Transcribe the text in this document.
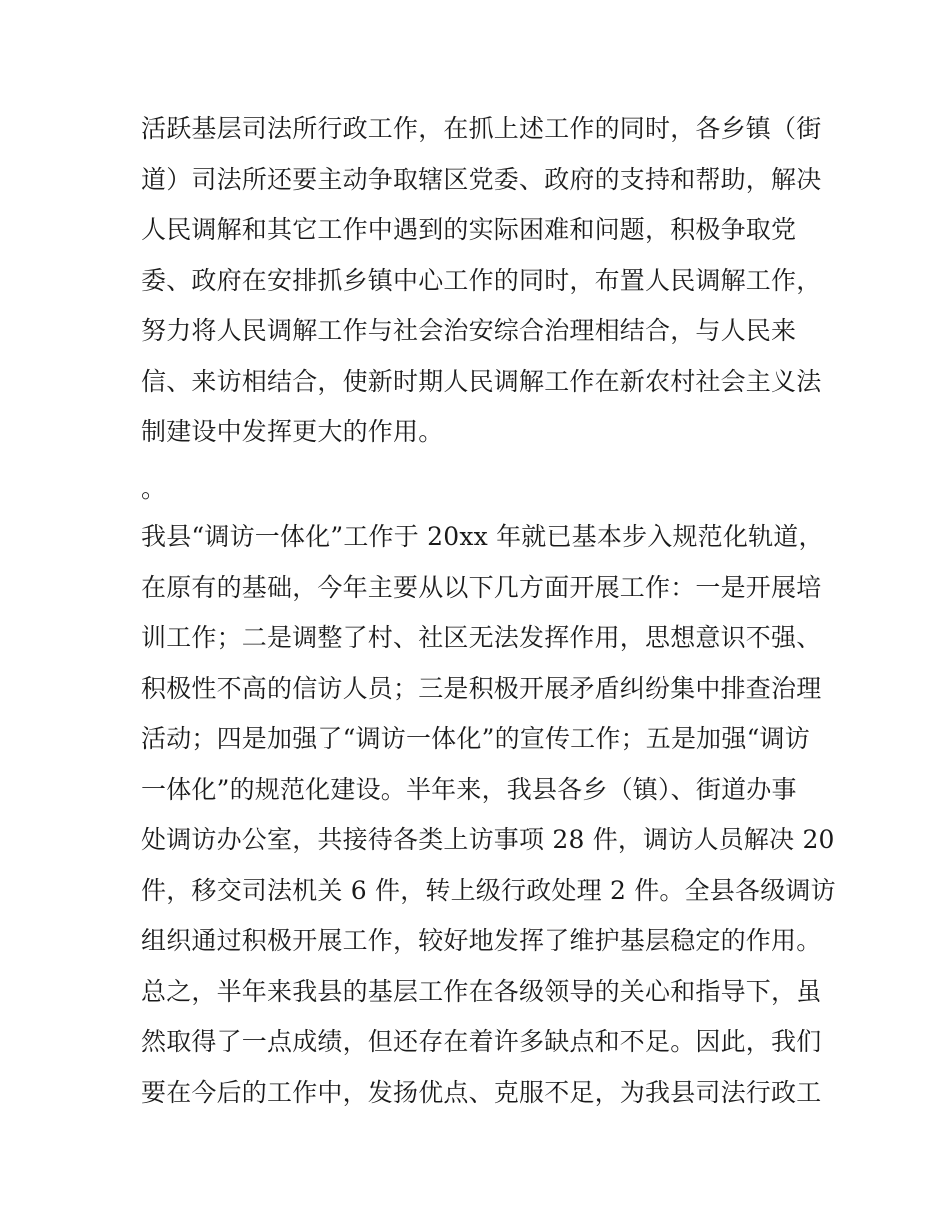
活跃基层司法所行政工作，在抓上述工作的同时，各乡镇（街
道）司法所还要主动争取辖区党委、政府的支持和帮助，解决
人民调解和其它工作中遇到的实际困难和问题，积极争取党
委、政府在安排抓乡镇中心工作的同时，布置人民调解工作，
努力将人民调解工作与社会治安综合治理相结合，与人民来
信、来访相结合，使新时期人民调解工作在新农村社会主义法
制建设中发挥更大的作用。
。
我县“调访一体化”工作于 20xx 年就已基本步入规范化轨道，
在原有的基础，今年主要从以下几方面开展工作：一是开展培
训工作；二是调整了村、社区无法发挥作用，思想意识不强、
积极性不高的信访人员；三是积极开展矛盾纠纷集中排查治理
活动；四是加强了“调访一体化”的宣传工作；五是加强“调访
一体化”的规范化建设。半年来，我县各乡（镇）、街道办事
处调访办公室，共接待各类上访事项 28 件，调访人员解决 20
件，移交司法机关 6 件，转上级行政处理 2 件。全县各级调访
组织通过积极开展工作，较好地发挥了维护基层稳定的作用。
总之，半年来我县的基层工作在各级领导的关心和指导下，虽
然取得了一点成绩，但还存在着许多缺点和不足。因此，我们
要在今后的工作中，发扬优点、克服不足，为我县司法行政工
